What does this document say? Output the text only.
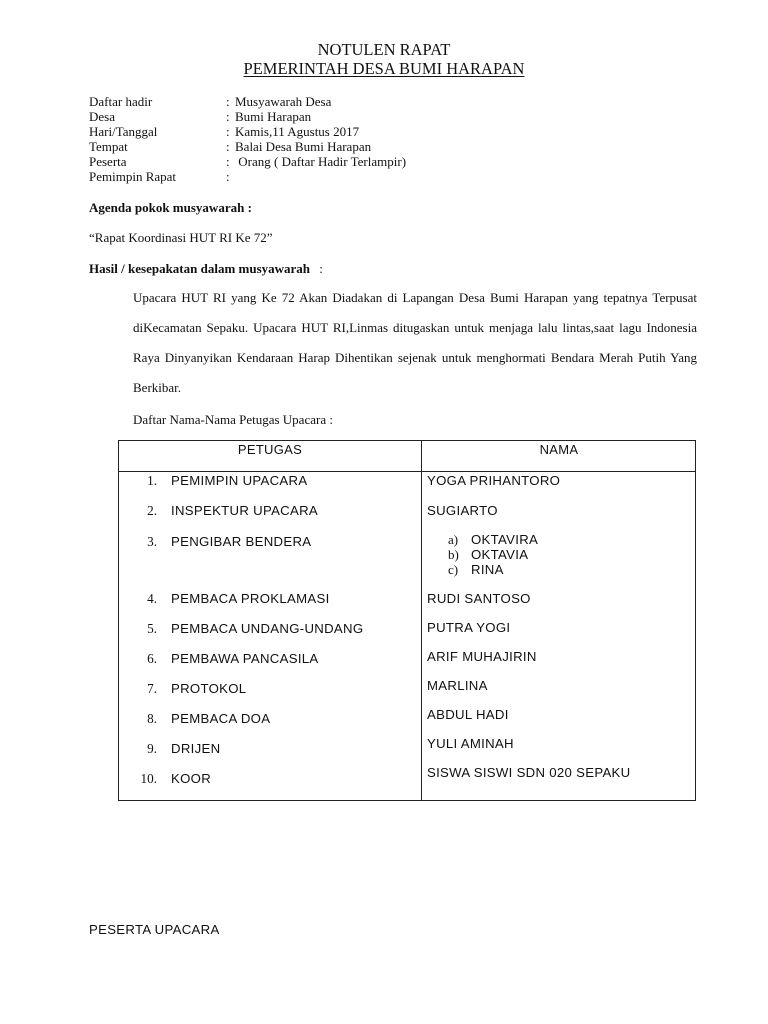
NOTULEN RAPAT
PEMERINTAH DESA BUMI HARAPAN
Daftar hadir	: Musyawarah Desa
Desa	: Bumi Harapan
Hari/Tanggal	: Kamis,11 Agustus 2017
Tempat	: Balai Desa Bumi Harapan
Peserta	: Orang ( Daftar Hadir Terlampir)
Pemimpin Rapat	:
Agenda pokok musyawarah :
“Rapat Koordinasi HUT RI Ke 72”
Hasil / kesepakatan dalam musyawarah :
Upacara HUT RI yang Ke 72 Akan Diadakan di Lapangan Desa Bumi Harapan yang tepatnya Terpusat diKecamatan Sepaku. Upacara HUT RI,Linmas ditugaskan untuk menjaga lalu lintas,saat lagu Indonesia Raya Dinyanyikan Kendaraan Harap Dihentikan sejenak untuk menghormati Bendara Merah Putih Yang Berkibar.
Daftar Nama-Nama Petugas Upacara :
PETUGAS	NAMA
1. PEMIMPIN UPACARA	YOGA PRIHANTORO
2. INSPEKTUR UPACARA	SUGIARTO
3. PENGIBAR BENDERA	a) OKTAVIRA
b) OKTAVIA
c) RINA
4. PEMBACA PROKLAMASI	RUDI SANTOSO
5. PEMBACA UNDANG-UNDANG	PUTRA YOGI
6. PEMBAWA PANCASILA	ARIF MUHAJIRIN
7. PROTOKOL	MARLINA
8. PEMBACA DOA	ABDUL HADI
9. DRIJEN	YULI AMINAH
10. KOOR	SISWA SISWI SDN 020 SEPAKU
PESERTA UPACARA
